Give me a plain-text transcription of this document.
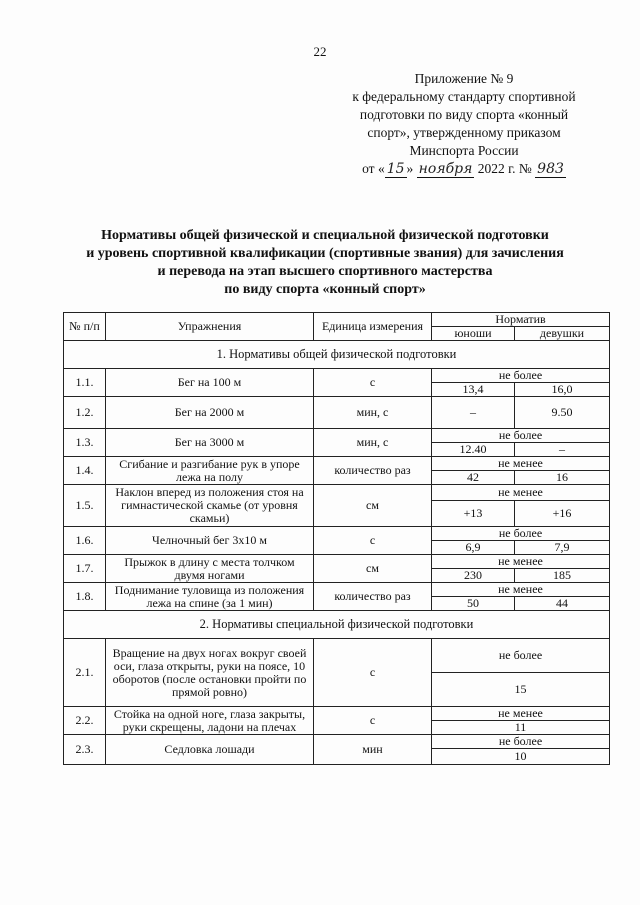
22
Приложение № 9
к федеральному стандарту спортивной
подготовки по виду спорта «конный
спорт», утвержденному приказом
Минспорта России
от « 15 » ноября 2022 г. № 983
Нормативы общей физической и специальной физической подготовки
и уровень спортивной квалификации (спортивные звания) для зачисления
и перевода на этап высшего спортивного мастерства
по виду спорта «конный спорт»
№ п/п	Упражнения	Единица измерения	Норматив	
			юноши	девушки
1. Нормативы общей физической подготовки				
1.1.	Бег на 100 м	с	не более	
			13,4	16,0
1.2.	Бег на 2000 м	мин, с	–	9.50
1.3.	Бег на 3000 м	мин, с	не более	
			12.40	–
1.4.	Сгибание и разгибание рук в упоре лежа на полу	количество раз	не менее	
			42	16
1.5.	Наклон вперед из положения стоя на гимнастической скамье (от уровня скамьи)	см	не менее	
			+13	+16
1.6.	Челночный бег 3x10 м	с	не более	
			6,9	7,9
1.7.	Прыжок в длину с места толчком двумя ногами	см	не менее	
			230	185
1.8.	Поднимание туловища из положения лежа на спине (за 1 мин)	количество раз	не менее	
			50	44
2. Нормативы специальной физической подготовки				
2.1.	Вращение на двух ногах вокруг своей оси, глаза открыты, руки на поясе, 10 оборотов (после остановки пройти по прямой ровно)	с	не более	
			15	
2.2.	Стойка на одной ноге, глаза закрыты, руки скрещены, ладони на плечах	с	не менее	
			11	
2.3.	Седловка лошади	мин	не более	
			10	
